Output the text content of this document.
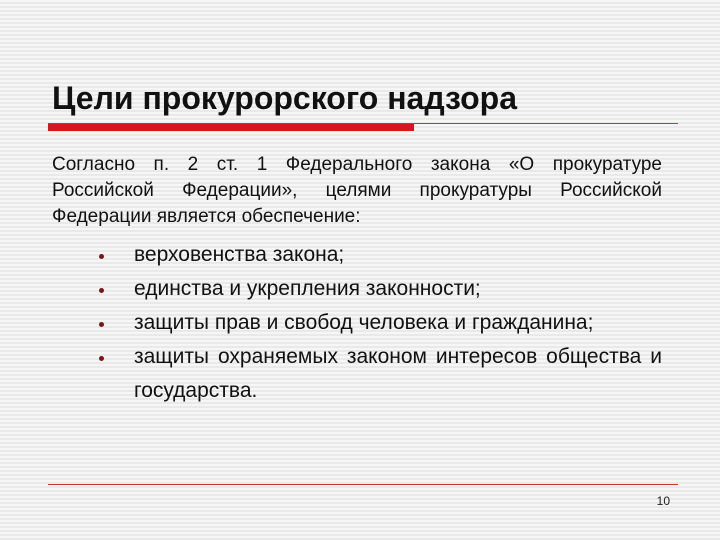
Цели прокурорского надзора
Согласно п. 2 ст. 1 Федерального закона «О прокуратуре Российской Федерации», целями прокуратуры Российской Федерации является обеспечение:
верховенства закона;
единства и укрепления законности;
защиты прав и свобод человека и гражданина;
защиты охраняемых законом интересов общества и государства.
10
